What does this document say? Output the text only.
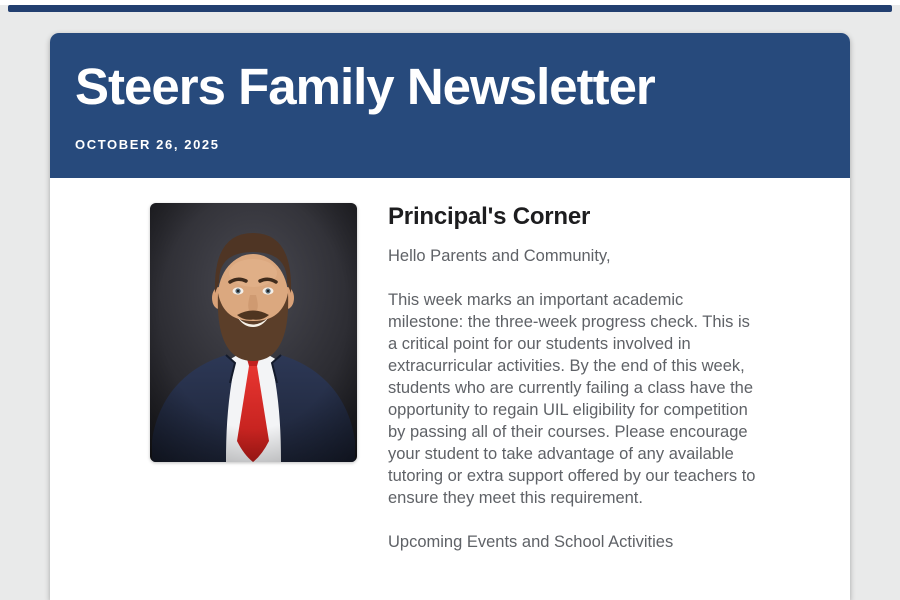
Steers Family Newsletter
OCTOBER 26, 2025
Principal's Corner

Hello Parents and Community,

This week marks an important academic milestone: the three-week progress check. This is a critical point for our students involved in extracurricular activities. By the end of this week, students who are currently failing a class have the opportunity to regain UIL eligibility for competition by passing all of their courses. Please encourage your student to take advantage of any available tutoring or extra support offered by our teachers to ensure they meet this requirement.

Upcoming Events and School Activities
